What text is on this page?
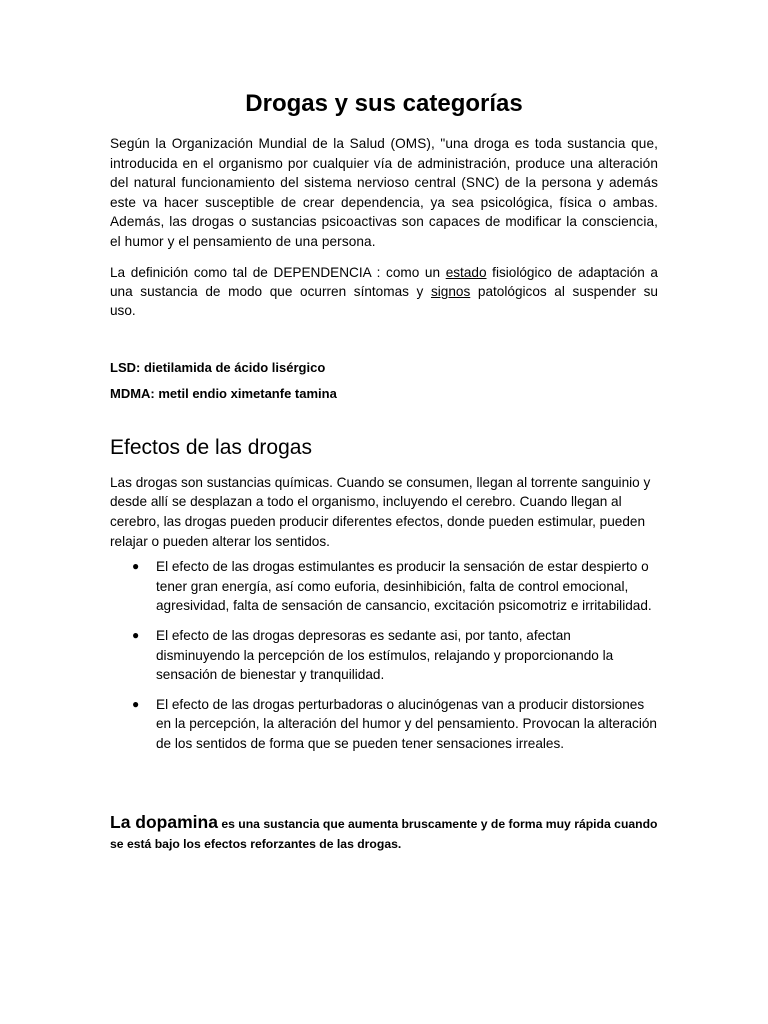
Drogas y sus categorías

Según la Organización Mundial de la Salud (OMS), "una droga es toda sustancia que, introducida en el organismo por cualquier vía de administración, produce una alteración del natural funcionamiento del sistema nervioso central (SNC) de la persona y además este va hacer susceptible de crear dependencia, ya sea psicológica, física o ambas. Además, las drogas o sustancias psicoactivas son capaces de modificar la consciencia, el humor y el pensamiento de una persona.

La definición como tal de DEPENDENCIA : como un estado fisiológico de adaptación a una sustancia de modo que ocurren síntomas y signos patológicos al suspender su

uso.

LSD: dietilamida de ácido lisérgico

MDMA: metil endio ximetanfe tamina

Efectos de las drogas

Las drogas son sustancias químicas. Cuando se consumen, llegan al torrente sanguinio y desde allí se desplazan a todo el organismo, incluyendo el cerebro. Cuando llegan al cerebro, las drogas pueden producir diferentes efectos, donde pueden estimular, pueden relajar o pueden alterar los sentidos.

● El efecto de las drogas estimulantes es producir la sensación de estar despierto o tener gran energía, así como euforia, desinhibición, falta de control emocional, agresividad, falta de sensación de cansancio, excitación psicomotriz e irritabilidad.
● El efecto de las drogas depresoras es sedante asi, por tanto, afectan disminuyendo la percepción de los estímulos, relajando y proporcionando la sensación de bienestar y tranquilidad.
● El efecto de las drogas perturbadoras o alucinógenas van a producir distorsiones en la percepción, la alteración del humor y del pensamiento. Provocan la alteración de los sentidos de forma que se pueden tener sensaciones irreales.

La dopamina es una sustancia que aumenta bruscamente y de forma muy rápida cuando se está bajo los efectos reforzantes de las drogas.
